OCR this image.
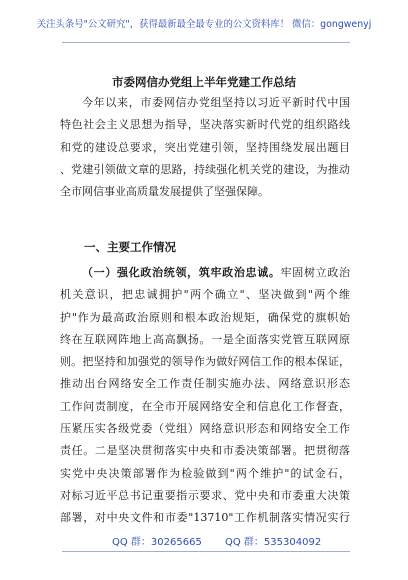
关注头条号"公文研究"，获得最新最全最专业的公文资料库！ 微信：gongwenyj
市委网信办党组上半年党建工作总结
今年以来，市委网信办党组坚持以习近平新时代中国
特色社会主义思想为指导，坚决落实新时代党的组织路线
和党的建设总要求，突出党建引领，坚持围绕发展出题目
、党建引领做文章的思路，持续强化机关党的建设，为推动
全市网信事业高质量发展提供了坚强保障。
一、主要工作情况
（一）强化政治统领，筑牢政治忠诚。牢固树立政治
机关意识，把忠诚拥护"两个确立"、坚决做到"两个维
护"作为最高政治原则和根本政治规矩，确保党的旗帜始
终在互联网阵地上高高飘扬。一是全面落实党管互联网原
则。把坚持和加强党的领导作为做好网信工作的根本保证，
推动出台网络安全工作责任制实施办法、网络意识形态
工作问责制度，在全市开展网络安全和信息化工作督查，
压紧压实各级党委（党组）网络意识形态和网络安全工作
责任。二是坚决贯彻落实中央和市委决策部署。把贯彻落
实党中央决策部署作为检验做到"两个维护"的试金石，
对标习近平总书记重要指示要求、党中央和市委重大决策
部署，对中央文件和市委"13710"工作机制落实情况实行
QQ 群：30265665 QQ 群：535304092
